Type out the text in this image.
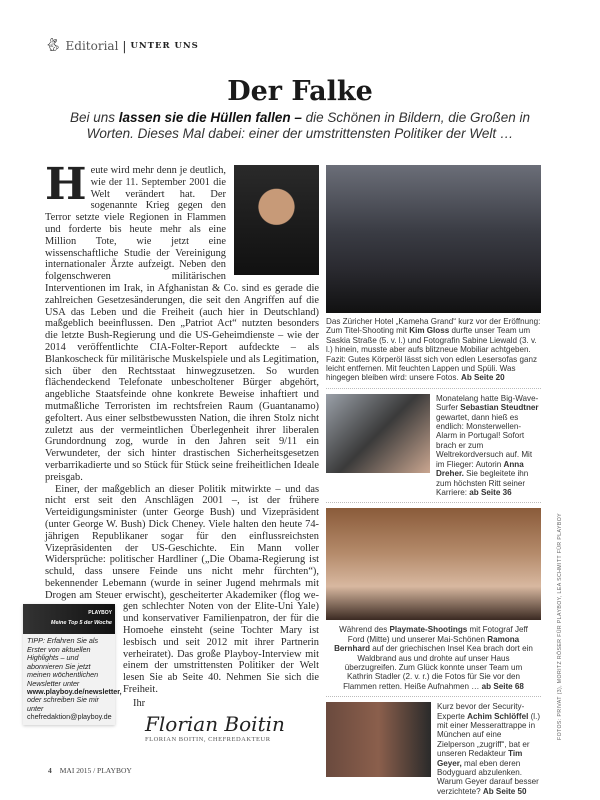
🐇︎ Editorial | UNTER UNS
Der Falke
Bei uns lassen sie die Hüllen fallen – die Schönen in Bildern, die Großen in Worten. Dieses Mal dabei: einer der umstrittensten Politiker der Welt …
Heute wird mehr denn je deutlich, wie der 11. September 2001 die Welt verändert hat. Der sogenannte Krieg gegen den Terror setzte viele Regionen in Flammen und forderte bis heute mehr als eine Million Tote, wie jetzt eine wissenschaftliche Studie der Vereinigung internationaler Ärzte aufzeigt. Neben den folgenschweren militärischen Interventionen im Irak, in Afghanistan & Co. sind es gerade die zahlreichen Gesetzesänderungen, die seit den Angriffen auf die USA das Leben und die Freiheit (auch hier in Deutschland) maßgeblich beeinflussen. Den „Patriot Act“ nutzten besonders die letzte Bush-Regierung und die US-Geheimdienste – wie der 2014 veröffentlichte CIA-Folter-Report aufdeckte – als Blankoscheck für militärische Muskelspiele und als Legitimation, sich über den Rechtsstaat hinwegzusetzen. So wurden flächendeckend Telefonate unbescholtener Bürger abgehört, angebliche Staatsfeinde ohne konkrete Beweise inhaftiert und mutmaßliche Terroristen im rechtsfreien Raum (Guantanamo) gefoltert. Aus einer selbstbewussten Nation, die ihren Stolz nicht zuletzt aus der vermeintlichen Überlegenheit ihrer liberalen Grundordnung zog, wurde in den Jahren seit 9/11 ein Verwundeter, der sich hinter drastischen Sicherheitsgesetzen verbarrikadierte und so Stück für Stück seine freiheitlichen Ideale preisgab.
Einer, der maßgeblich an dieser Politik mitwirkte – und das nicht erst seit den Anschlägen 2001 –, ist der frühere Verteidigungsminister (unter George Bush) und Vizepräsident (unter George W. Bush) Dick Cheney. Viele halten den heute 74-jährigen Republikaner sogar für den einflussreichsten Vizepräsidenten der US-Geschichte. Ein Mann voller Widersprüche: politischer Hardliner („Die Obama-Regierung ist schuld, dass unsere Feinde uns nicht mehr fürchten“), bekennender Lebemann (wurde in seiner Jugend mehrmals mit Drogen am Steuer erwischt), gescheiterter Akademiker (flog we-
PLAYBOY
Meine Top 5 der Woche
TIPP: Erfahren Sie als Erster von aktuellen Highlights – und abonnieren Sie jetzt meinen wöchentlichen Newsletter unter www.playboy.de/newsletter, oder schreiben Sie mir unter chefredaktion@playboy.de
gen schlechter Noten von der Elite-Uni Yale) und konservativer Familienpatron, der für die Homoehe einsteht (seine Tochter Mary ist lesbisch und seit 2012 mit ihrer Partnerin verheiratet). Das große Playboy-Interview mit einem der umstrittensten Politiker der Welt lesen Sie ab Seite 40. Nehmen Sie sich die Freiheit.
Ihr
Florian Boitin
FLORIAN BOITIN, CHEFREDAKTEUR
4 MAI 2015 / PLAYBOY
Das Züricher Hotel „Kameha Grand“ kurz vor der Eröffnung: Zum Titel-Shooting mit Kim Gloss durfte unser Team um Saskia Straße (5. v. l.) und Fotografin Sabine Liewald (3. v. l.) hinein, musste aber aufs blitzneue Mobiliar achtgeben. Fazit: Gutes Körperöl lässt sich von edlen Lesersofas ganz leicht entfernen. Mit feuchten Lappen und Spüli. Was hingegen bleiben wird: unsere Fotos. Ab Seite 20
Monatelang hatte Big-Wave-Surfer Sebastian Steudtner gewartet, dann hieß es endlich: Monsterwellen-Alarm in Portugal! Sofort brach er zum Weltrekordversuch auf. Mit im Flieger: Autorin Anna Dreher. Sie begleitete ihn zum höchsten Ritt seiner Karriere: ab Seite 36
Während des Playmate-Shootings mit Fotograf Jeff Ford (Mitte) und unserer Mai-Schönen Ramona Bernhard auf der griechischen Insel Kea brach dort ein Waldbrand aus und drohte auf unser Haus überzugreifen. Zum Glück konnte unser Team um Kathrin Stadler (2. v. r.) die Fotos für Sie vor den Flammen retten. Heiße Aufnahmen … ab Seite 68
Kurz bevor der Security-Experte Achim Schlöffel (l.) mit einer Messerattrappe in München auf eine Zielperson „zugriff“, bat er unseren Redakteur Tim Geyer, mal eben deren Bodyguard abzulenken. Warum Geyer darauf besser verzichtete? Ab Seite 50
FOTOS: PRIVAT (3), MORITZ RÖSER FÜR PLAYBOY, LEA SCHMITT FÜR PLAYBOY
